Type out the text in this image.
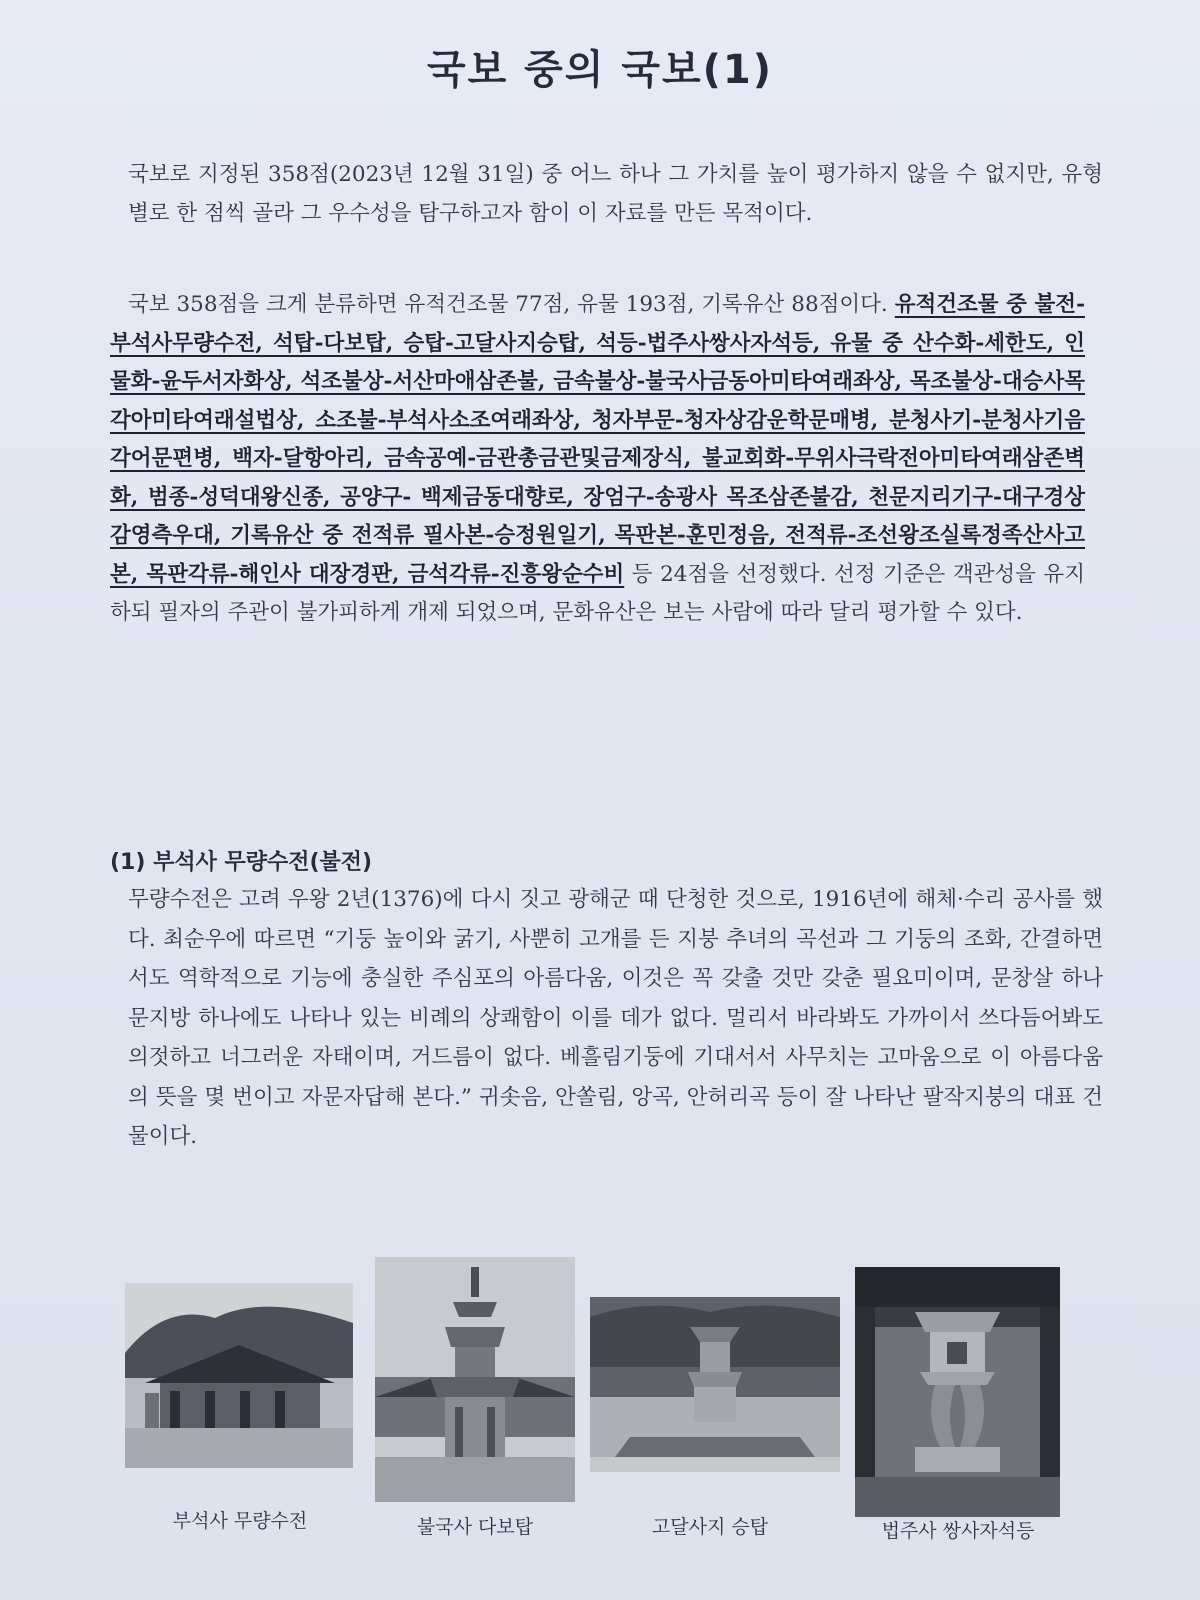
국보 중의 국보(1)
국보로 지정된 358점(2023년 12월 31일) 중 어느 하나 그 가치를 높이 평가하지 않을 수 없지만, 유형 별로 한 점씩 골라 그 우수성을 탐구하고자 함이 이 자료를 만든 목적이다.
국보 358점을 크게 분류하면 유적건조물 77점, 유물 193점, 기록유산 88점이다. 유적건조물 중 불전-부석사무량수전, 석탑-다보탑, 승탑-고달사지승탑, 석등-법주사쌍사자석등, 유물 중 산수화-세한도, 인물화-윤두서자화상, 석조불상-서산마애삼존불, 금속불상-불국사금동아미타여래좌상, 목조불상-대승사목각아미타여래설법상, 소조불-부석사소조여래좌상, 청자부문-청자상감운학문매병, 분청사기-분청사기음각어문편병, 백자-달항아리, 금속공예-금관총금관및금제장식, 불교회화-무위사극락전아미타여래삼존벽화, 범종-성덕대왕신종, 공양구- 백제금동대향로, 장엄구-송광사 목조삼존불감, 천문지리기구-대구경상감영측우대, 기록유산 중 전적류 필사본-승정원일기, 목판본-훈민정음, 전적류-조선왕조실록정족산사고본, 목판각류-해인사 대장경판, 금석각류-진흥왕순수비 등 24점을 선정했다. 선정 기준은 객관성을 유지하되 필자의 주관이 불가피하게 개제 되었으며, 문화유산은 보는 사람에 따라 달리 평가할 수 있다.
(1) 부석사 무량수전(불전)
무량수전은 고려 우왕 2년(1376)에 다시 짓고 광해군 때 단청한 것으로, 1916년에 해체·수리 공사를 했다. 최순우에 따르면 “기둥 높이와 굵기, 사뿐히 고개를 든 지붕 추녀의 곡선과 그 기둥의 조화, 간결하면서도 역학적으로 기능에 충실한 주심포의 아름다움, 이것은 꼭 갖출 것만 갖춘 필요미이며, 문창살 하나 문지방 하나에도 나타나 있는 비례의 상쾌함이 이를 데가 없다. 멀리서 바라봐도 가까이서 쓰다듬어봐도 의젓하고 너그러운 자태이며, 거드름이 없다. 베흘림기둥에 기대서서 사무치는 고마움으로 이 아름다움의 뜻을 몇 번이고 자문자답해 본다.” 귀솟음, 안쏠림, 앙곡, 안허리곡 등이 잘 나타난 팔작지붕의 대표 건물이다.
부석사 무량수전	불국사 다보탑	고달사지 승탑	법주사 쌍사자석등
